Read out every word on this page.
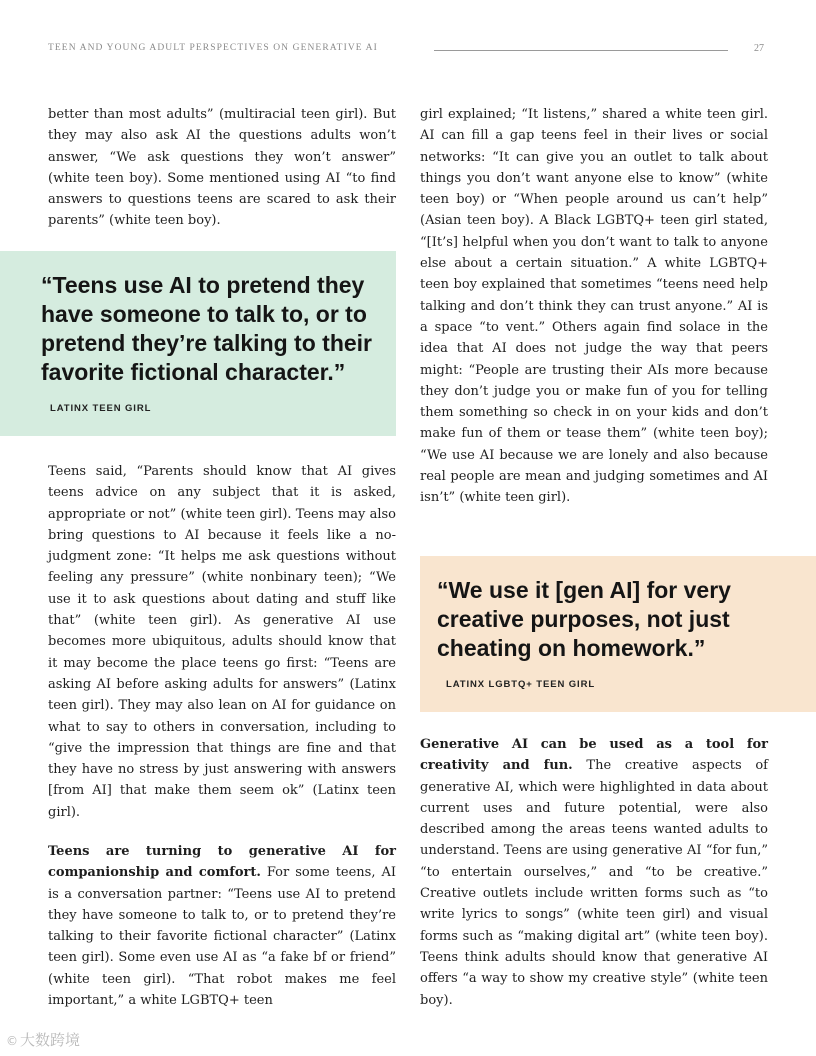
TEEN AND YOUNG ADULT PERSPECTIVES ON GENERATIVE AI	27

better than most adults” (multiracial teen girl). But they may also ask AI the questions adults won’t answer, “We ask questions they won’t answer” (white teen boy). Some mentioned using AI “to find answers to questions teens are scared to ask their parents” (white teen boy).

“Teens use AI to pretend they have someone to talk to, or to pretend they’re talking to their favorite fictional character.”

LATINX TEEN GIRL

Teens said, “Parents should know that AI gives teens advice on any subject that it is asked, appropriate or not” (white teen girl). Teens may also bring questions to AI because it feels like a no-judgment zone: “It helps me ask questions without feeling any pressure” (white nonbinary teen); “We use it to ask questions about dating and stuff like that” (white teen girl). As generative AI use becomes more ubiquitous, adults should know that it may become the place teens go first: “Teens are asking AI before asking adults for answers” (Latinx teen girl). They may also lean on AI for guidance on what to say to others in conversation, including to “give the impression that things are fine and that they have no stress by just answering with answers [from AI] that make them seem ok” (Latinx teen girl).

Teens are turning to generative AI for companionship and comfort. For some teens, AI is a conversation partner: “Teens use AI to pretend they have someone to talk to, or to pretend they’re talking to their favorite fictional character” (Latinx teen girl). Some even use AI as “a fake bf or friend” (white teen girl). “That robot makes me feel important,” a white LGBTQ+ teen

girl explained; “It listens,” shared a white teen girl. AI can fill a gap teens feel in their lives or social networks: “It can give you an outlet to talk about things you don’t want anyone else to know” (white teen boy) or “When people around us can’t help” (Asian teen boy). A Black LGBTQ+ teen girl stated, “[It’s] helpful when you don’t want to talk to anyone else about a certain situation.” A white LGBTQ+ teen boy explained that sometimes “teens need help talking and don’t think they can trust anyone.” AI is a space “to vent.” Others again find solace in the idea that AI does not judge the way that peers might: “People are trusting their AIs more because they don’t judge you or make fun of you for telling them something so check in on your kids and don’t make fun of them or tease them” (white teen boy); “We use AI because we are lonely and also because real people are mean and judging sometimes and AI isn’t” (white teen girl).

“We use it [gen AI] for very creative purposes, not just cheating on homework.”

LATINX LGBTQ+ TEEN GIRL

Generative AI can be used as a tool for creativity and fun. The creative aspects of generative AI, which were highlighted in data about current uses and future potential, were also described among the areas teens wanted adults to understand. Teens are using generative AI “for fun,” “to entertain ourselves,” and “to be creative.” Creative outlets include written forms such as “to write lyrics to songs” (white teen girl) and visual forms such as “making digital art” (white teen boy). Teens think adults should know that generative AI offers “a way to show my creative style” (white teen boy).

© 大数跨境
